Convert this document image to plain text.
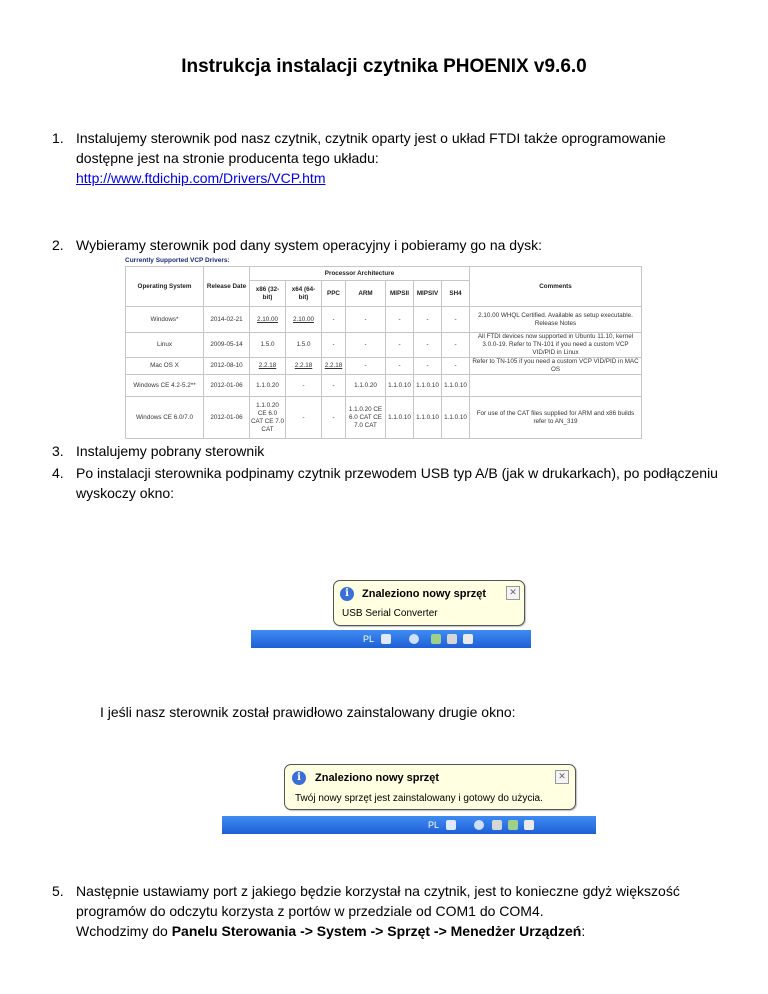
Instrukcja instalacji czytnika PHOENIX v9.6.0
1. Instalujemy sterownik pod nasz czytnik, czytnik oparty jest o układ FTDI także oprogramowanie dostępne jest na stronie producenta tego układu:
http://www.ftdichip.com/Drivers/VCP.htm
2. Wybieramy sterownik pod dany system operacyjny i pobieramy go na dysk:
Currently Supported VCP Drivers:
Operating System	Release Date	Processor Architecture							Comments
		x86 (32-bit)	x64 (64-bit)	PPC	ARM	MIPSII	MIPSIV	SH4	
Windows*	2014-02-21	2.10.00	2.10.00	-	-	-	-	-	2.10.00 WHQL Certified. Available as setup executable. Release Notes
Linux	2009-05-14	1.5.0	1.5.0	-	-	-	-	-	All FTDI devices now supported in Ubuntu 11.10, kernel 3.0.0-19. Refer to TN-101 if you need a custom VCP VID/PID in Linux
Mac OS X	2012-08-10	2.2.18	2.2.18	2.2.18	-	-	-	-	Refer to TN-105 if you need a custom VCP VID/PID in MAC OS
Windows CE 4.2-5.2**	2012-01-06	1.1.0.20	-	-	1.1.0.20	1.1.0.10	1.1.0.10	1.1.0.10	
Windows CE 6.0/7.0	2012-01-06	1.1.0.20 CE 6.0 CAT CE 7.0 CAT	-	-	1.1.0.20 CE 6.0 CAT CE 7.0 CAT	1.1.0.10	1.1.0.10	1.1.0.10	For use of the CAT files supplied for ARM and x86 builds refer to AN_319
3. Instalujemy pobrany sterownik
4. Po instalacji sterownika podpinamy czytnik przewodem USB typ A/B (jak w drukarkach), po podłączeniu wyskoczy okno:
i	Znaleziono nowy sprzęt	✕
USB Serial Converter
PL
I jeśli nasz sterownik został prawidłowo zainstalowany drugie okno:
i	Znaleziono nowy sprzęt	✕
Twój nowy sprzęt jest zainstalowany i gotowy do użycia.
PL
5. Następnie ustawiamy port z jakiego będzie korzystał na czytnik, jest to konieczne gdyż większość programów do odczytu korzysta z portów w przedziale od COM1 do COM4.
Wchodzimy do Panelu Sterowania -> System -> Sprzęt -> Menedżer Urządzeń:
